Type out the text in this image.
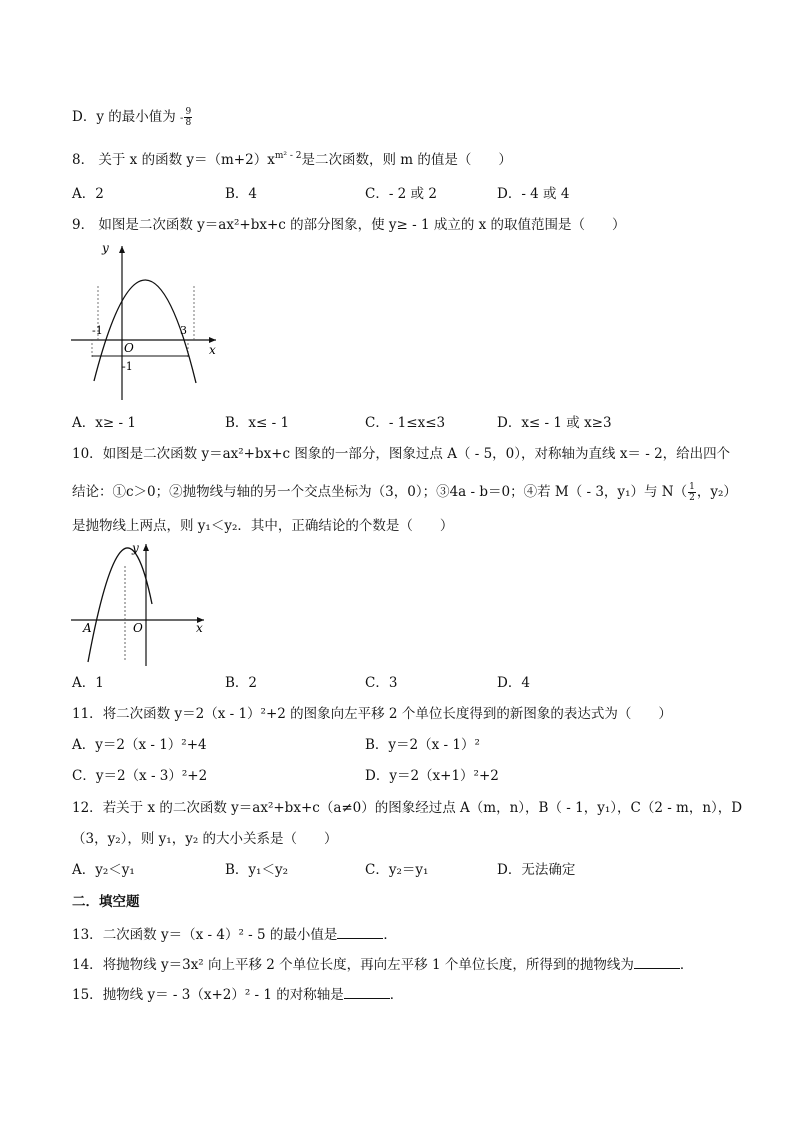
D．y 的最小值为 - $\frac{9}{8}$
8． 关于 x 的函数 $y=(m+2)x^{m^2 - 2}$是二次函数，则 m 的值是（　　）
A．2	B．4	C．- 2 或 2	D．- 4 或 4
9． 如图是二次函数 y＝ax²+bx+c 的部分图象，使 y≥ - 1 成立的 x 的取值范围是（　　）
y
x
O
-1	3
-1
A．x≥ - 1	B．x≤ - 1	C．- 1≤x≤3	D．x≤ - 1 或 x≥3
10．如图是二次函数 y＝ax²+bx+c 图象的一部分，图象过点 A（ - 5，0），对称轴为直线 x＝ - 2，给出四个
结论：①c＞0；②抛物线与轴的另一个交点坐标为（3，0）；③4a - b＝0；④若 M（ - 3，y₁）与 $N( \frac{1}{2}$ ，y₂）
是抛物线上两点，则 y₁＜y₂．其中，正确结论的个数是（　　）
y
x
O
A
A．1	B．2	C．3	D．4
11．将二次函数 y＝2（x - 1）²+2 的图象向左平移 2 个单位长度得到的新图象的表达式为（　　）
A．y＝2（x - 1）²+4	B．y＝2（x - 1）²
C．y＝2（x - 3）²+2	D．y＝2（x+1）²+2
12．若关于 x 的二次函数 y＝ax²+bx+c（a≠0）的图象经过点 A（m，n），B（ - 1，y₁），C（2 - m，n），D
（3，y₂），则 y₁，y₂ 的大小关系是（　　）
A．y₂＜y₁	B．y₁＜y₂	C．y₂＝y₁	D．无法确定
二．填空题
13．二次函数 y＝（x - 4）² - 5 的最小值是	．
14．将抛物线 y＝3x² 向上平移 2 个单位长度，再向左平移 1 个单位长度，所得到的抛物线为	．
15．抛物线 y＝ - 3（x+2）² - 1 的对称轴是	．
